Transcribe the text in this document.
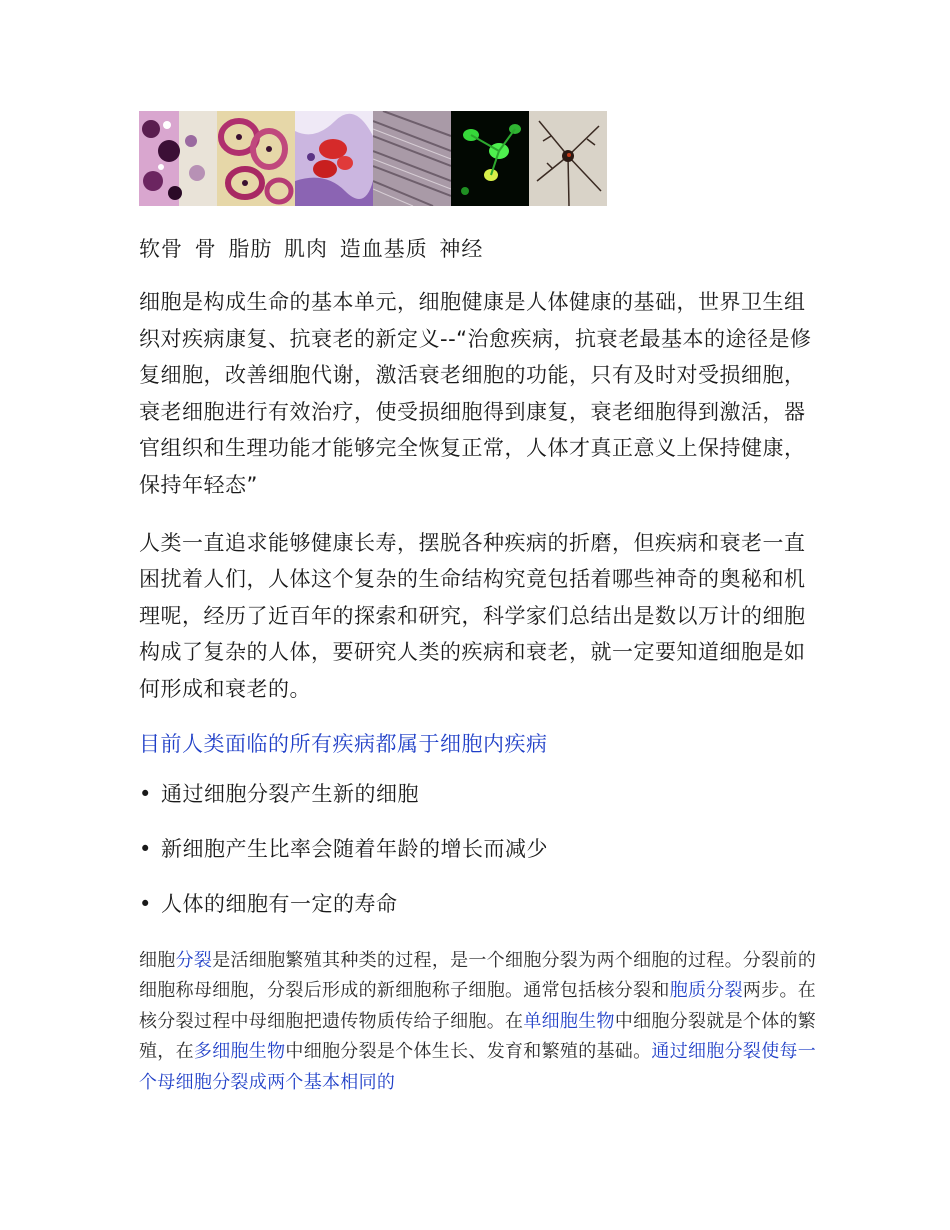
软骨 骨 脂肪 肌肉 造血基质 神经

细胞是构成生命的基本单元，细胞健康是人体健康的基础，世界卫生组织对疾病康复、抗衰老的新定义--“治愈疾病，抗衰老最基本的途径是修复细胞，改善细胞代谢，激活衰老细胞的功能，只有及时对受损细胞，衰老细胞进行有效治疗，使受损细胞得到康复，衰老细胞得到激活，器官组织和生理功能才能够完全恢复正常，人体才真正意义上保持健康，保持年轻态”

人类一直追求能够健康长寿，摆脱各种疾病的折磨，但疾病和衰老一直困扰着人们，人体这个复杂的生命结构究竟包括着哪些神奇的奥秘和机理呢，经历了近百年的探索和研究，科学家们总结出是数以万计的细胞构成了复杂的人体，要研究人类的疾病和衰老，就一定要知道细胞是如何形成和衰老的。

目前人类面临的所有疾病都属于细胞内疾病
• 通过细胞分裂产生新的细胞
• 新细胞产生比率会随着年龄的增长而减少
• 人体的细胞有一定的寿命

细胞分裂是活细胞繁殖其种类的过程，是一个细胞分裂为两个细胞的过程。分裂前的细胞称母细胞，分裂后形成的新细胞称子细胞。通常包括核分裂和胞质分裂两步。在核分裂过程中母细胞把遗传物质传给子细胞。在单细胞生物中细胞分裂就是个体的繁殖，在多细胞生物中细胞分裂是个体生长、发育和繁殖的基础。通过细胞分裂使每一个母细胞分裂成两个基本相同的
